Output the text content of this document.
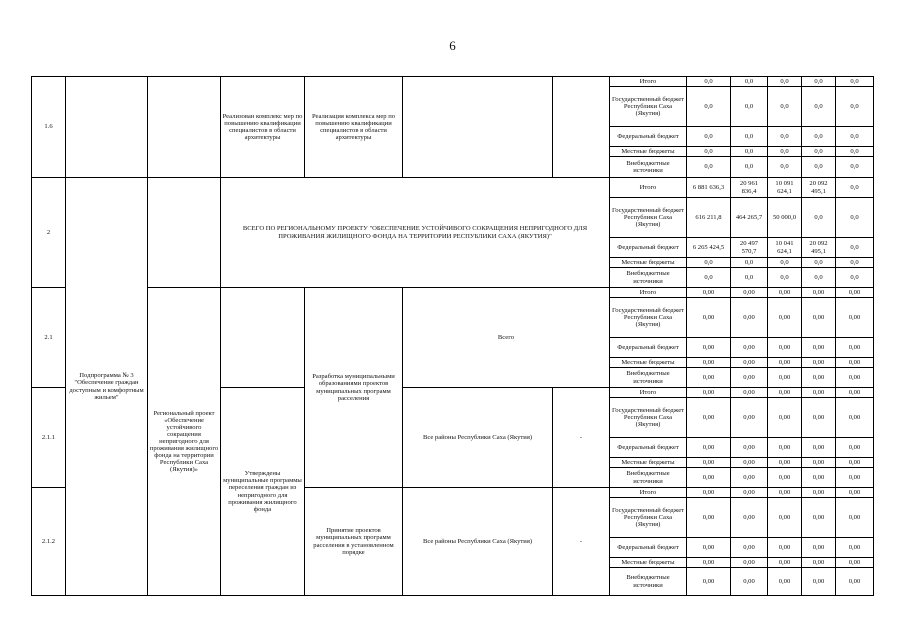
6
1.6			Реализован комплекс мер по повышению квалификации специалистов в области архитектуры	Реализация комплекса мер по повышению квалификации специалистов в области архитектуры			Итого	0,0	0,0	0,0	0,0	0,0
							Государственный бюджет Республики Саха (Якутия)	0,0	0,0	0,0	0,0	0,0
							Федеральный бюджет	0,0	0,0	0,0	0,0	0,0
							Местные бюджеты	0,0	0,0	0,0	0,0	0,0
							Внебюджетные источники	0,0	0,0	0,0	0,0	0,0
2	Подпрограмма № 3 "Обеспечение граждан доступным и комфортным жильем"		ВСЕГО ПО РЕГИОНАЛЬНОМУ ПРОЕКТУ "ОБЕСПЕЧЕНИЕ УСТОЙЧИВОГО СОКРАЩЕНИЯ НЕПРИГОДНОГО ДЛЯ ПРОЖИВАНИЯ ЖИЛИЩНОГО ФОНДА НА ТЕРРИТОРИИ РЕСПУБЛИКИ САХА (ЯКУТИЯ)"				Итого	6 881 636,3	20 961 836,4	10 091 624,1	20 092 495,1	0,0
							Государственный бюджет Республики Саха (Якутия)	616 211,8	464 265,7	50 000,0	0,0	0,0
							Федеральный бюджет	6 265 424,5	20 497 570,7	10 041 624,1	20 092 495,1	0,0
							Местные бюджеты	0,0	0,0	0,0	0,0	0,0
							Внебюджетные источники	0,0	0,0	0,0	0,0	0,0
2.1		Региональный проект «Обеспечение устойчивого сокращения непригодного для проживания жилищного фонда на территории Республики Саха (Якутия)»		Разработка муниципальными образованиями проектов муниципальных программ расселения	Всего		Итого	0,00	0,00	0,00	0,00	0,00
							Государственный бюджет Республики Саха (Якутия)	0,00	0,00	0,00	0,00	0,00
							Федеральный бюджет	0,00	0,00	0,00	0,00	0,00
							Местные бюджеты	0,00	0,00	0,00	0,00	0,00
							Внебюджетные источники	0,00	0,00	0,00	0,00	0,00
2.1.1			Утверждены муниципальные программы переселения граждан из непригодного для проживания жилищного фонда		Все районы Республики Саха (Якутия)	-	Итого	0,00	0,00	0,00	0,00	0,00
							Государственный бюджет Республики Саха (Якутия)	0,00	0,00	0,00	0,00	0,00
							Федеральный бюджет	0,00	0,00	0,00	0,00	0,00
							Местные бюджеты	0,00	0,00	0,00	0,00	0,00
							Внебюджетные источники	0,00	0,00	0,00	0,00	0,00
2.1.2				Принятие проектов муниципальных программ расселения в установленном порядке	Все районы Республики Саха (Якутия)	-	Итого	0,00	0,00	0,00	0,00	0,00
							Государственный бюджет Республики Саха (Якутия)	0,00	0,00	0,00	0,00	0,00
							Федеральный бюджет	0,00	0,00	0,00	0,00	0,00
							Местные бюджеты	0,00	0,00	0,00	0,00	0,00
							Внебюджетные источники	0,00	0,00	0,00	0,00	0,00
